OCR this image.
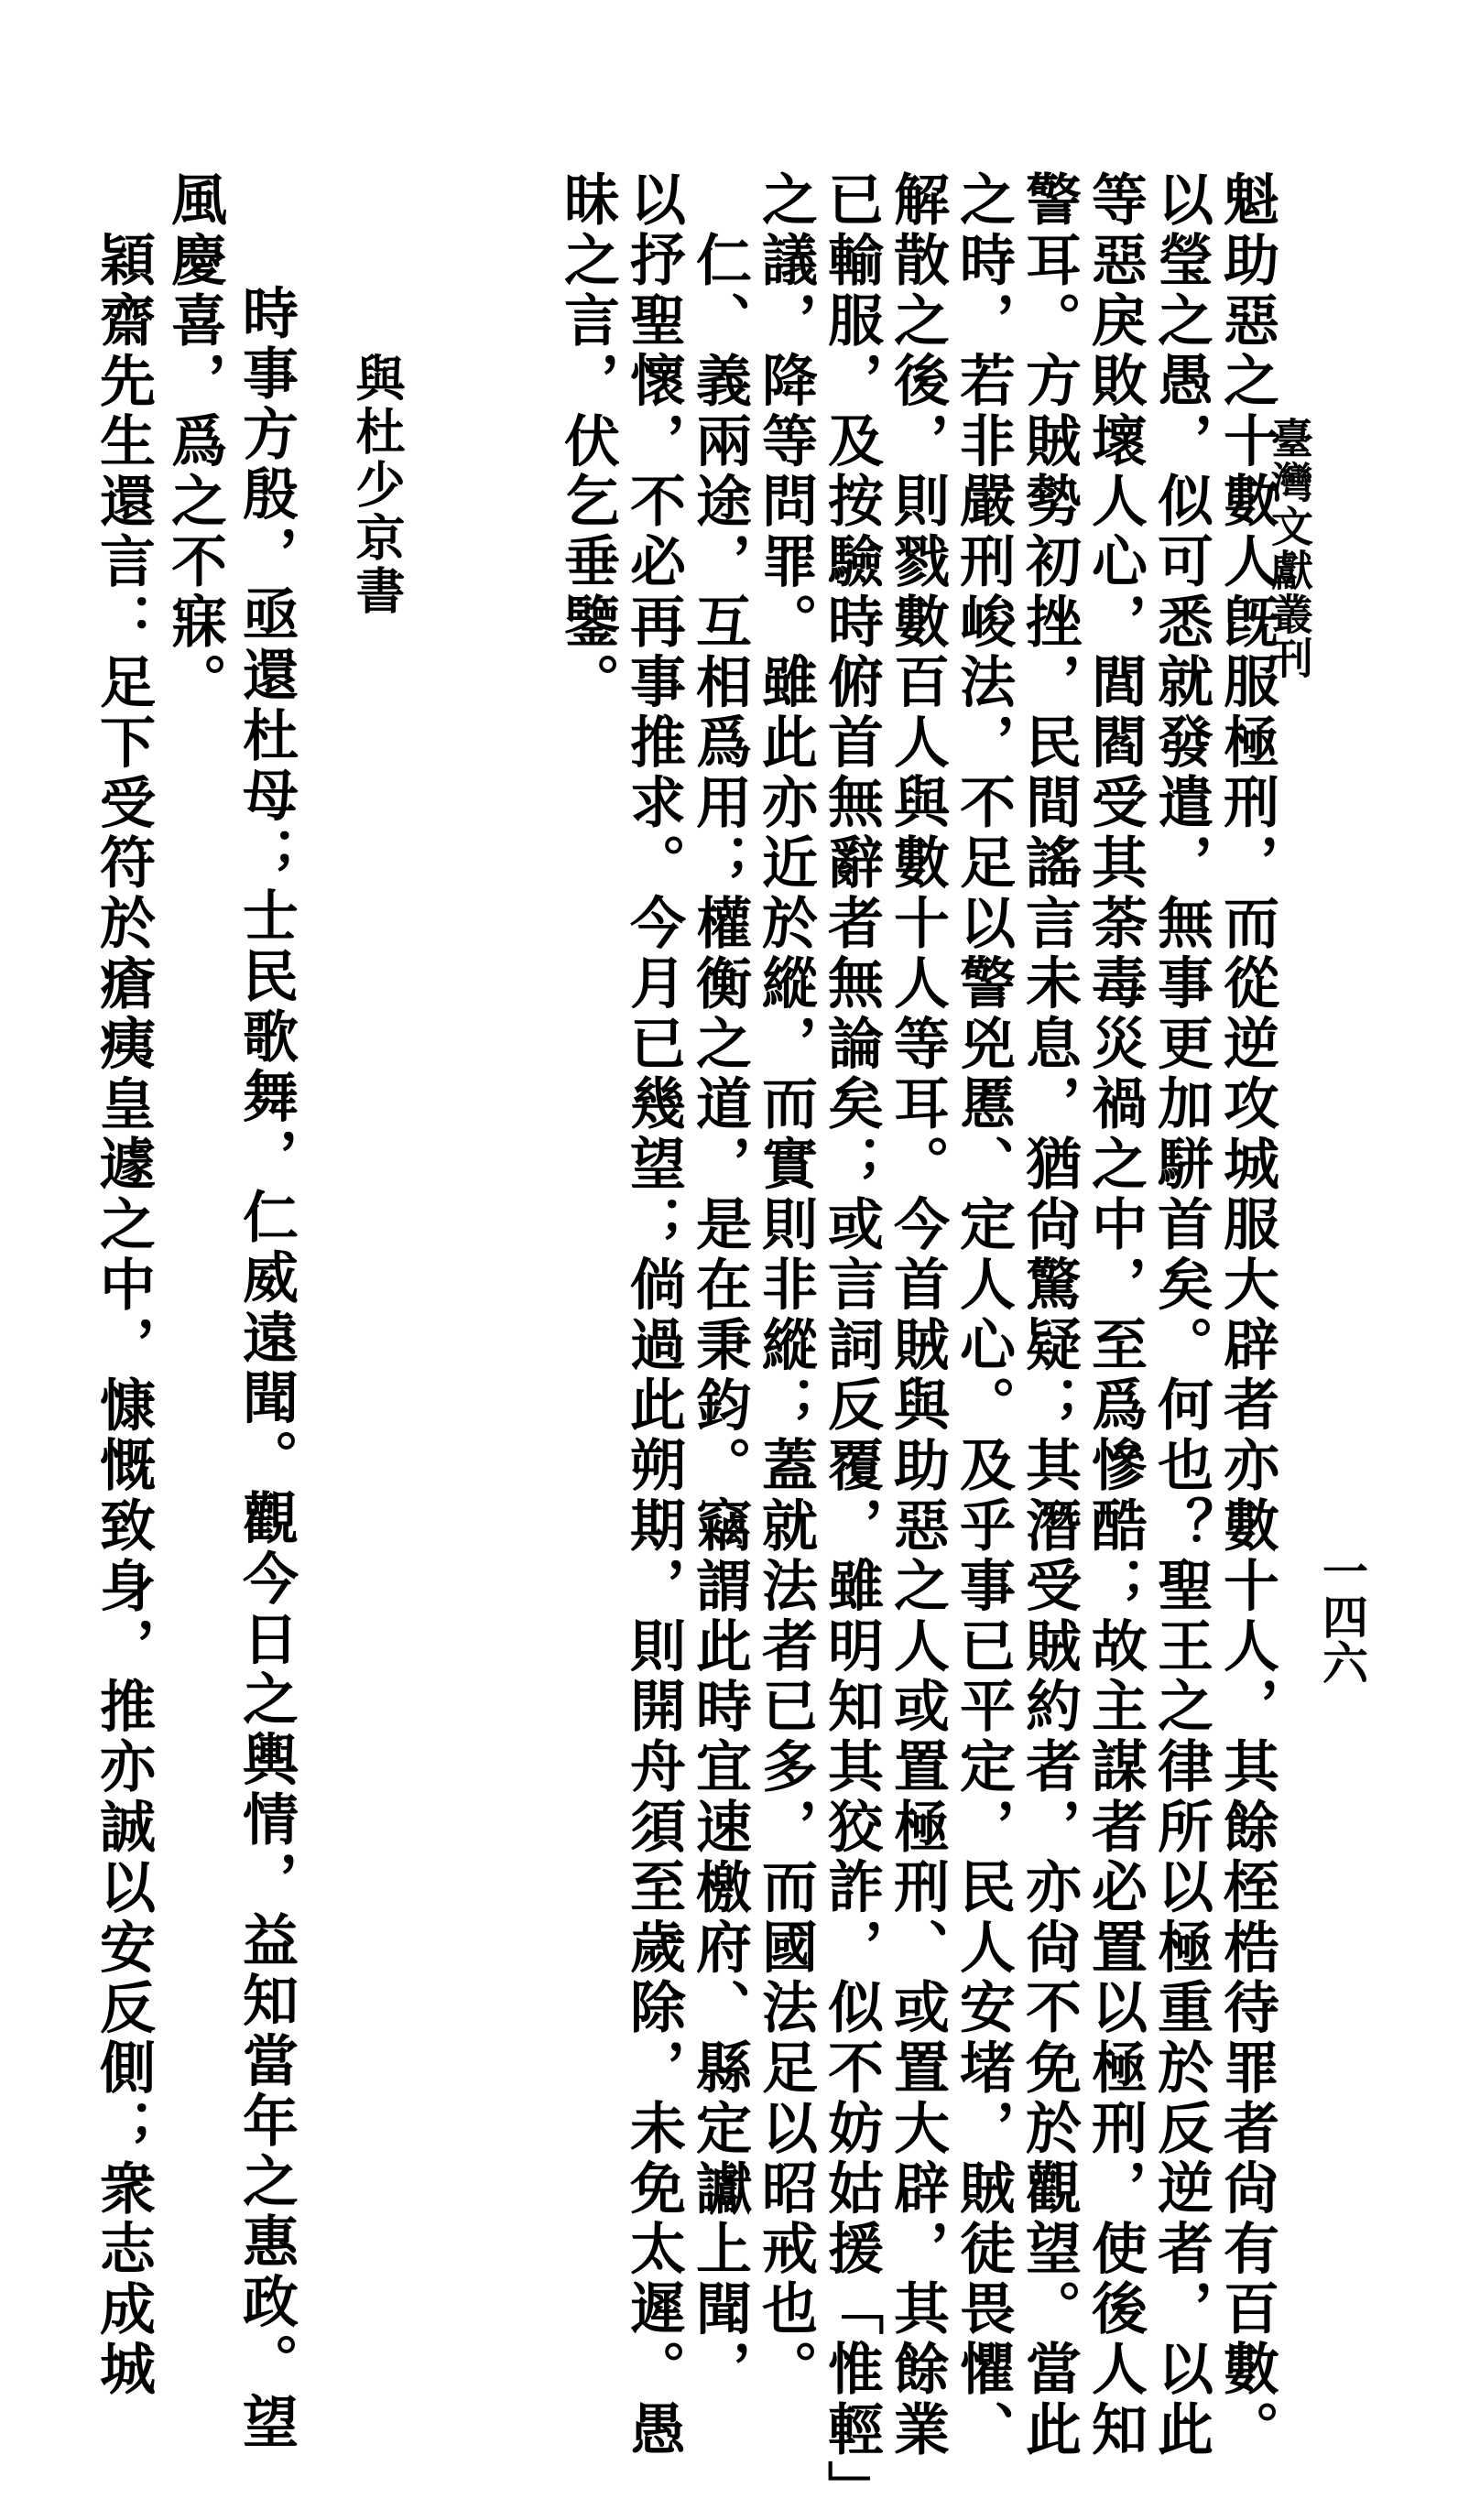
臺灣文獻叢刊
一四六
魁助惡之十數人旣服極刑，而從逆攻城服大辟者亦數十人，其餘桎梏待罪者尙有百數。
以瑩之愚，似可悉就發遣，無事更加駢首矣。何也？聖王之律所以極重於反逆者，以此
等惡戾敗壞人心，閭閻受其荼毒災禍之中，至爲慘酷；故主謀者必置以極刑，使後人知
警耳。方賊勢初挫，民間謠言未息，猶尙驚疑；其潛受賊約者，亦尙不免於觀望。當此
之時，若非嚴刑峻法，不足以警兇慝、定人心。及乎事已平定，民人安堵，賊徒畏懼、
解散之後，則戮數百人與數十人等耳。今首賊與助惡之人或置極刑、或置大辟，其餘業
已輸服，及按驗時俯首無辭者無論矣；或言詞反覆，雖明知其狡詐，似不妨姑援「惟輕」
之議，降等問罪。雖此亦近於縱，而實則非縱；蓋就法者已多，而國法足以昭戒也。
仁、義兩途，互相爲用；權衡之道，是在秉鈞。竊謂此時宜速檄府、縣定讞上聞，
以抒聖懷，不必再事推求。今月已幾望；倘過此朔期，則開舟須至歲除，未免太遲。愚
昧之言，伏乞垂鑒。
與杜少京書
時事方殷，亟還杜母；士民歌舞，仁威遠聞。觀今日之輿情，益知當年之惠政。望
風慶喜，爲之不寐。
穎齋先生還言：足下受符於瘡痍皇遽之中，慷慨致身，推亦誠以安反側；衆志成城
